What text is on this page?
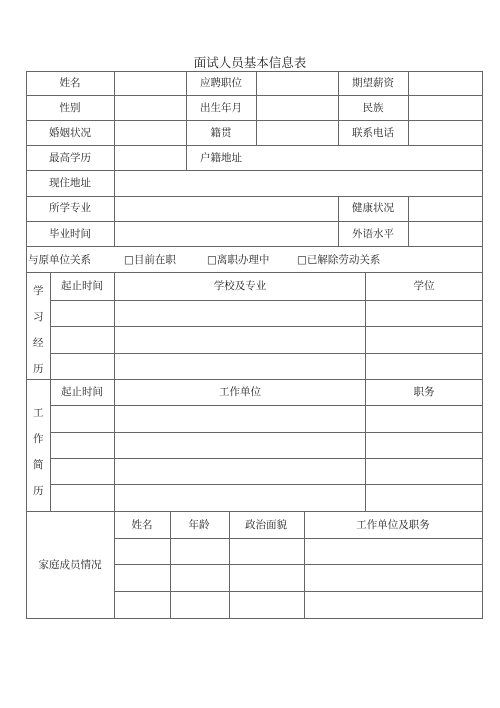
面试人员基本信息表
姓名	应聘职位	期望薪资
性别	出生年月	民族
婚姻状况	籍贯	联系电话
最高学历	户籍地址
现住地址
所学专业	健康状况
毕业时间	外语水平
与原单位关系	□目前在职	□离职办理中	□已解除劳动关系
学
习
经
历
起止时间	学校及专业	学位
工
作
简
历
起止时间	工作单位	职务
家庭成员情况
姓名	年龄	政治面貌	工作单位及职务
